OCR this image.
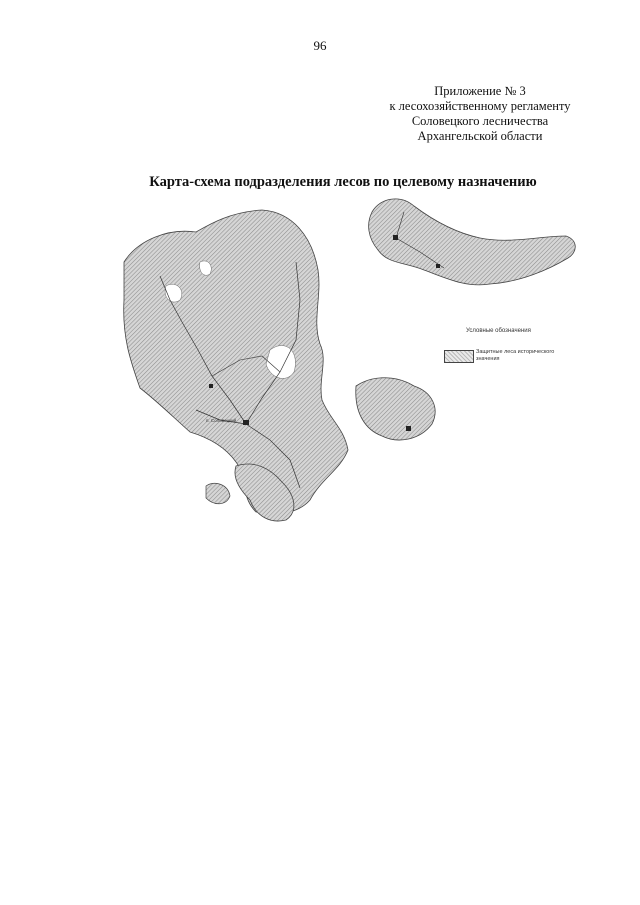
96
Приложение № 3
к лесохозяйственному регламенту
Соловецкого лесничества
Архангельской области
Карта-схема подразделения лесов по целевому назначению
п. Соловецкий
Условные обозначения
Защитные леса исторического значения
